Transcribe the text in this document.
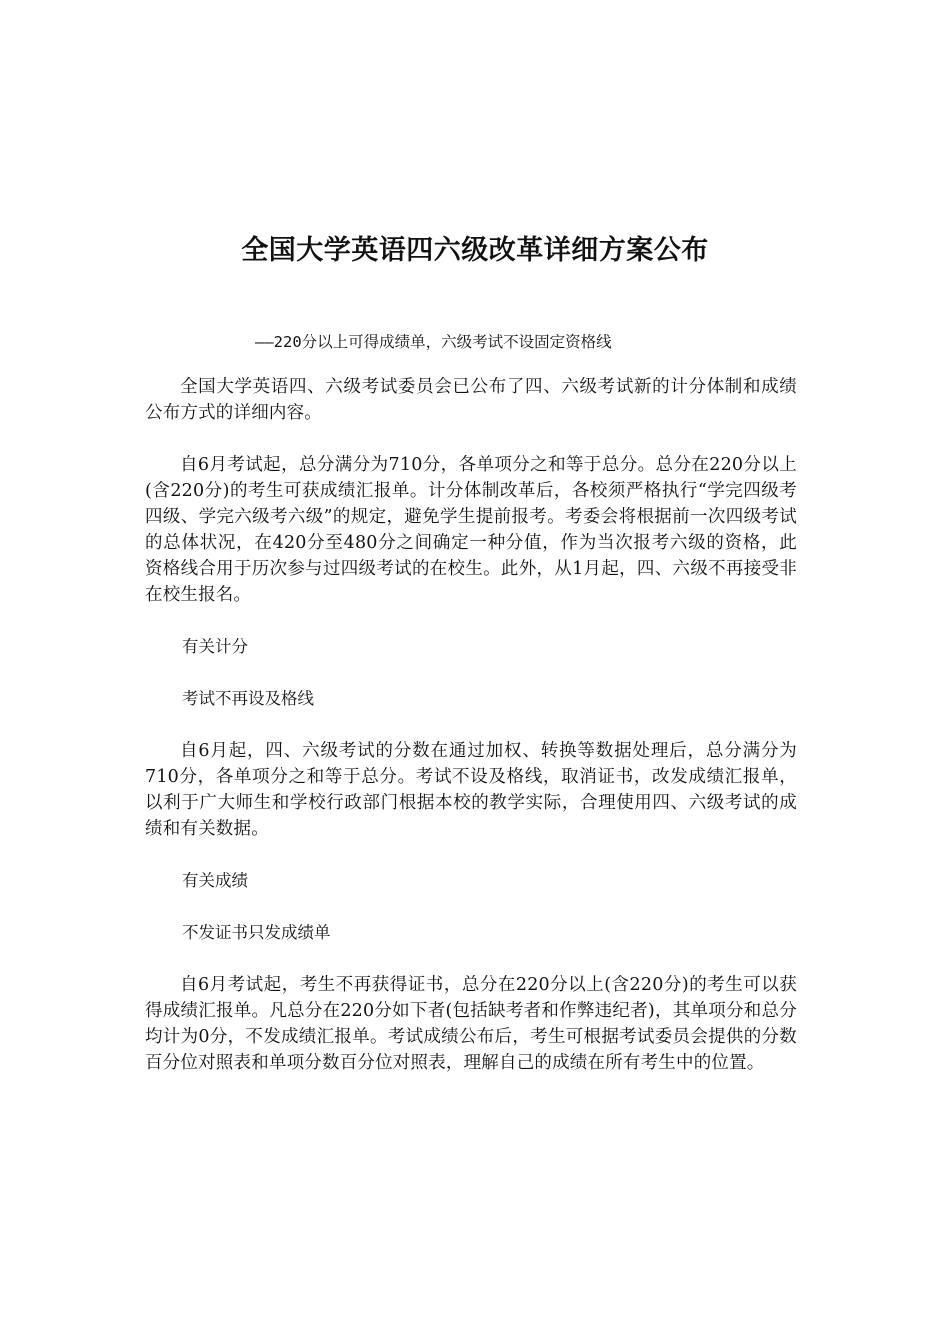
全国大学英语四六级改革详细方案公布

——220分以上可得成绩单，六级考试不设固定资格线

全国大学英语四、六级考试委员会已公布了四、六级考试新的计分体制和成绩公布方式的详细内容。

自6月考试起，总分满分为710分，各单项分之和等于总分。总分在220分以上(含220分)的考生可获成绩汇报单。计分体制改革后，各校须严格执行“学完四级考四级、学完六级考六级”的规定，避免学生提前报考。考委会将根据前一次四级考试的总体状况，在420分至480分之间确定一种分值，作为当次报考六级的资格，此资格线合用于历次参与过四级考试的在校生。此外，从1月起，四、六级不再接受非在校生报名。

有关计分

考试不再设及格线

自6月起，四、六级考试的分数在通过加权、转换等数据处理后，总分满分为710分，各单项分之和等于总分。考试不设及格线，取消证书，改发成绩汇报单，以利于广大师生和学校行政部门根据本校的教学实际，合理使用四、六级考试的成绩和有关数据。

有关成绩

不发证书只发成绩单

自6月考试起，考生不再获得证书，总分在220分以上(含220分)的考生可以获得成绩汇报单。凡总分在220分如下者(包括缺考者和作弊违纪者)，其单项分和总分均计为0分，不发成绩汇报单。考试成绩公布后，考生可根据考试委员会提供的分数百分位对照表和单项分数百分位对照表，理解自己的成绩在所有考生中的位置。
